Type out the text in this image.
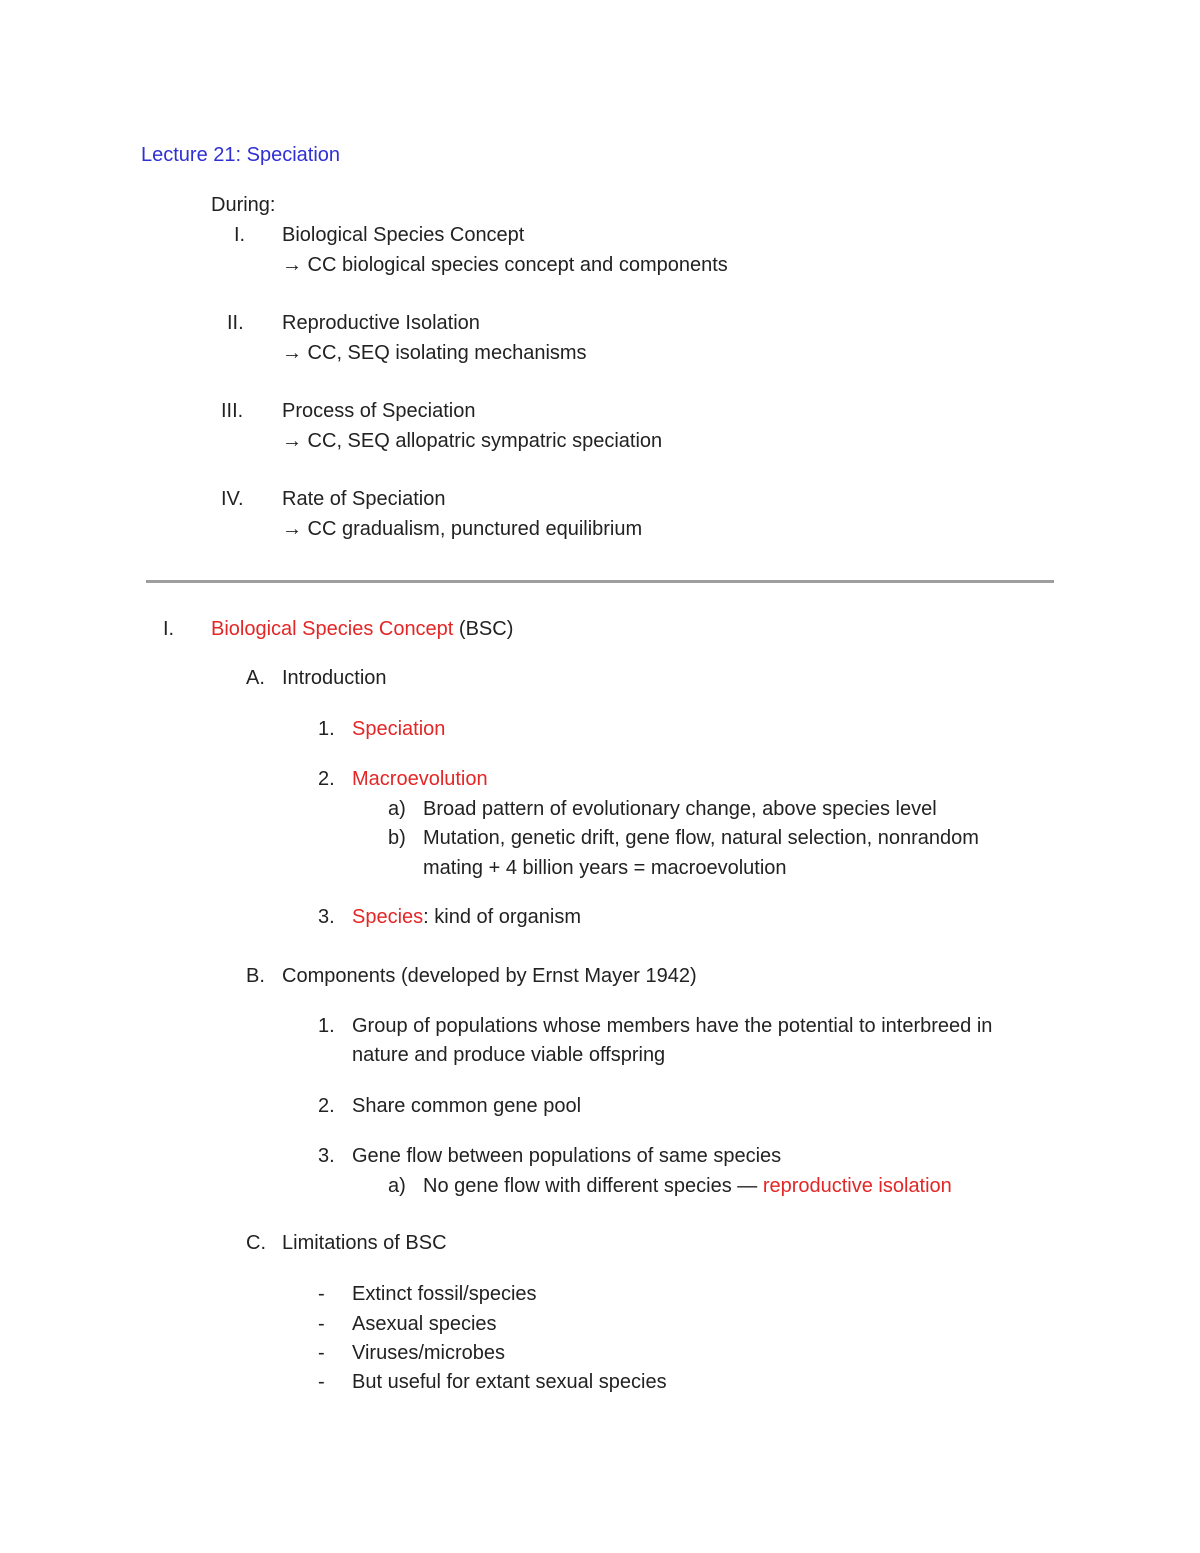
Lecture 21: Speciation
During:
I. Biological Species Concept
→ CC biological species concept and components
II. Reproductive Isolation
→ CC, SEQ isolating mechanisms
III. Process of Speciation
→ CC, SEQ allopatric sympatric speciation
IV. Rate of Speciation
→ CC gradualism, punctured equilibrium
I. Biological Species Concept (BSC)
A. Introduction
1. Speciation
2. Macroevolution
a) Broad pattern of evolutionary change, above species level
b) Mutation, genetic drift, gene flow, natural selection, nonrandom
mating + 4 billion years = macroevolution
3. Species: kind of organism
B. Components (developed by Ernst Mayer 1942)
1. Group of populations whose members have the potential to interbreed in
nature and produce viable offspring
2. Share common gene pool
3. Gene flow between populations of same species
a) No gene flow with different species — reproductive isolation
C. Limitations of BSC
- Extinct fossil/species
- Asexual species
- Viruses/microbes
- But useful for extant sexual species
